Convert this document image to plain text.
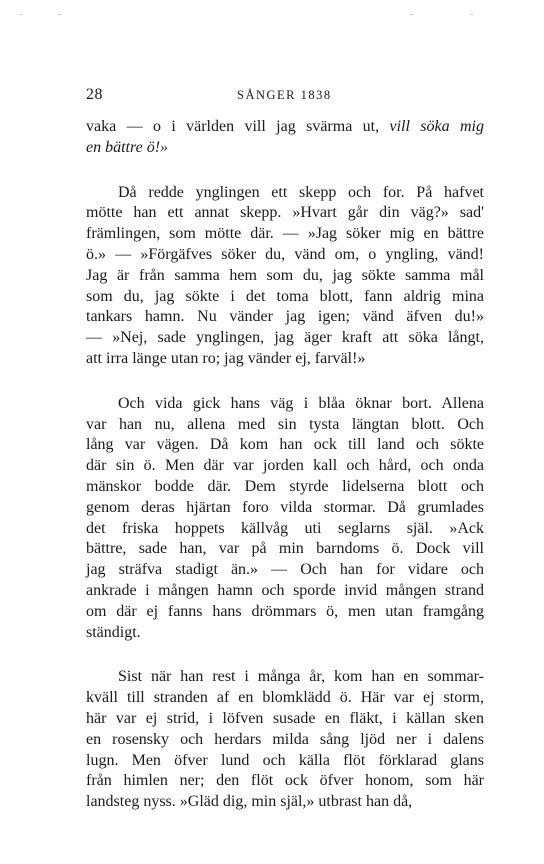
28	SÅNGER 1838
vaka — o i världen vill jag svärma ut, vill söka mig
en bättre ö!»
Då redde ynglingen ett skepp och for. På hafvet
mötte han ett annat skepp. »Hvart går din väg?» sad'
främlingen, som mötte där. — »Jag söker mig en bättre
ö.» — »Förgäfves söker du, vänd om, o yngling, vänd!
Jag är från samma hem som du, jag sökte samma mål
som du, jag sökte i det toma blott, fann aldrig mina
tankars hamn. Nu vänder jag igen; vänd äfven du!»
— »Nej, sade ynglingen, jag äger kraft att söka långt,
att irra länge utan ro; jag vänder ej, farväl!»
Och vida gick hans väg i blåa öknar bort. Allena
var han nu, allena med sin tysta längtan blott. Och
lång var vägen. Då kom han ock till land och sökte
där sin ö. Men där var jorden kall och hård, och onda
mänskor bodde där. Dem styrde lidelserna blott och
genom deras hjärtan foro vilda stormar. Då grumlades
det friska hoppets källvåg uti seglarns själ. »Ack
bättre, sade han, var på min barndoms ö. Dock vill
jag sträfva stadigt än.» — Och han for vidare och
ankrade i mången hamn och sporde invid mången strand
om där ej fanns hans drömmars ö, men utan framgång
ständigt.
Sist när han rest i många år, kom han en sommar-
kväll till stranden af en blomklädd ö. Här var ej storm,
här var ej strid, i löfven susade en fläkt, i källan sken
en rosensky och herdars milda sång ljöd ner i dalens
lugn. Men öfver lund och källa flöt förklarad glans
från himlen ner; den flöt ock öfver honom, som här
landsteg nyss. »Gläd dig, min själ,» utbrast han då,
